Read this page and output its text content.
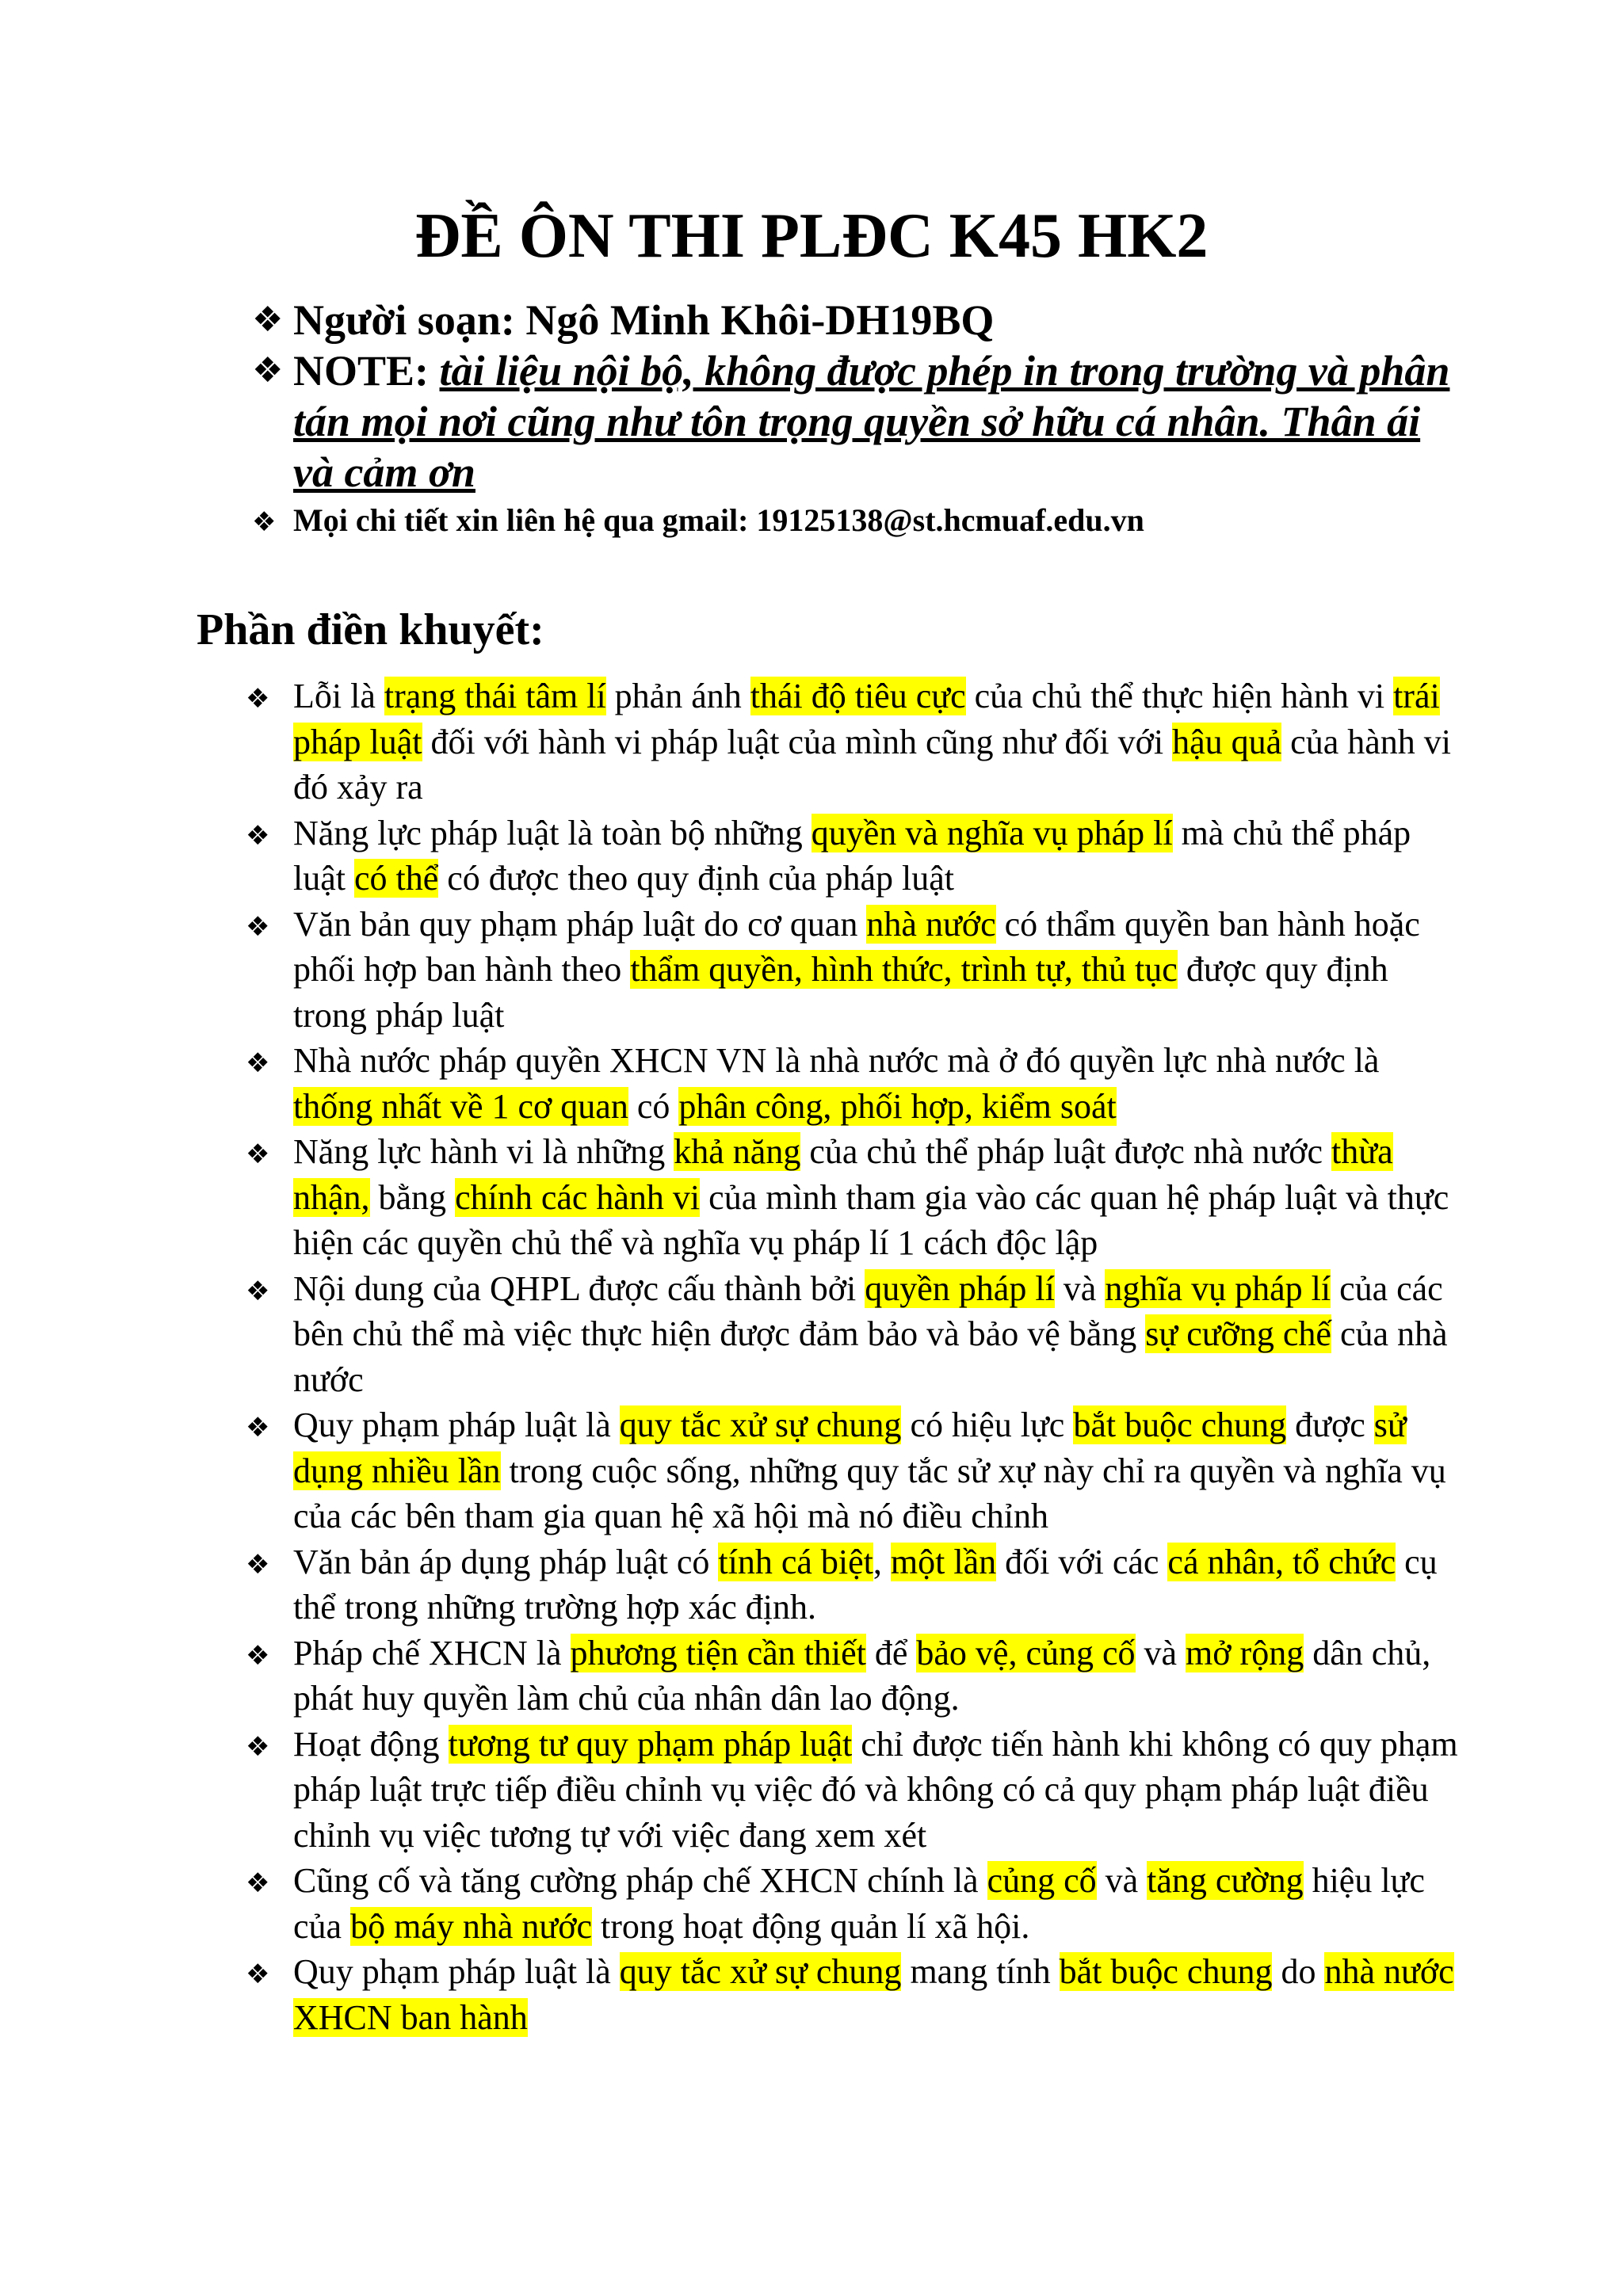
ĐỀ ÔN THI PLĐC K45 HK2
❖ Người soạn: Ngô Minh Khôi-DH19BQ
❖ NOTE: tài liệu nội bộ, không được phép in trong trường và phân tán mọi nơi cũng như tôn trọng quyền sở hữu cá nhân. Thân ái và cảm ơn
❖ Mọi chi tiết xin liên hệ qua gmail: 19125138@st.hcmuaf.edu.vn
Phần điền khuyết:
❖ Lỗi là trạng thái tâm lí phản ánh thái độ tiêu cực của chủ thể thực hiện hành vi trái pháp luật đối với hành vi pháp luật của mình cũng như đối với hậu quả của hành vi đó xảy ra
❖ Năng lực pháp luật là toàn bộ những quyền và nghĩa vụ pháp lí mà chủ thể pháp luật có thể có được theo quy định của pháp luật
❖ Văn bản quy phạm pháp luật do cơ quan nhà nước có thẩm quyền ban hành hoặc phối hợp ban hành theo thẩm quyền, hình thức, trình tự, thủ tục được quy định trong pháp luật
❖ Nhà nước pháp quyền XHCN VN là nhà nước mà ở đó quyền lực nhà nước là thống nhất về 1 cơ quan có phân công, phối hợp, kiểm soát
❖ Năng lực hành vi là những khả năng của chủ thể pháp luật được nhà nước thừa nhận, bằng chính các hành vi của mình tham gia vào các quan hệ pháp luật và thực hiện các quyền chủ thể và nghĩa vụ pháp lí 1 cách độc lập
❖ Nội dung của QHPL được cấu thành bởi quyền pháp lí và nghĩa vụ pháp lí của các bên chủ thể mà việc thực hiện được đảm bảo và bảo vệ bằng sự cưỡng chế của nhà nước
❖ Quy phạm pháp luật là quy tắc xử sự chung có hiệu lực bắt buộc chung được sử dụng nhiều lần trong cuộc sống, những quy tắc sử xự này chỉ ra quyền và nghĩa vụ của các bên tham gia quan hệ xã hội mà nó điều chỉnh
❖ Văn bản áp dụng pháp luật có tính cá biệt, một lần đối với các cá nhân, tổ chức cụ thể trong những trường hợp xác định.
❖ Pháp chế XHCN là phương tiện cần thiết để bảo vệ, củng cố và mở rộng dân chủ, phát huy quyền làm chủ của nhân dân lao động.
❖ Hoạt động tương tư quy phạm pháp luật chỉ được tiến hành khi không có quy phạm pháp luật trực tiếp điều chỉnh vụ việc đó và không có cả quy phạm pháp luật điều chỉnh vụ việc tương tự với việc đang xem xét
❖ Cũng cố và tăng cường pháp chế XHCN chính là củng cố và tăng cường hiệu lực của bộ máy nhà nước trong hoạt động quản lí xã hội.
❖ Quy phạm pháp luật là quy tắc xử sự chung mang tính bắt buộc chung do nhà nước XHCN ban hành
